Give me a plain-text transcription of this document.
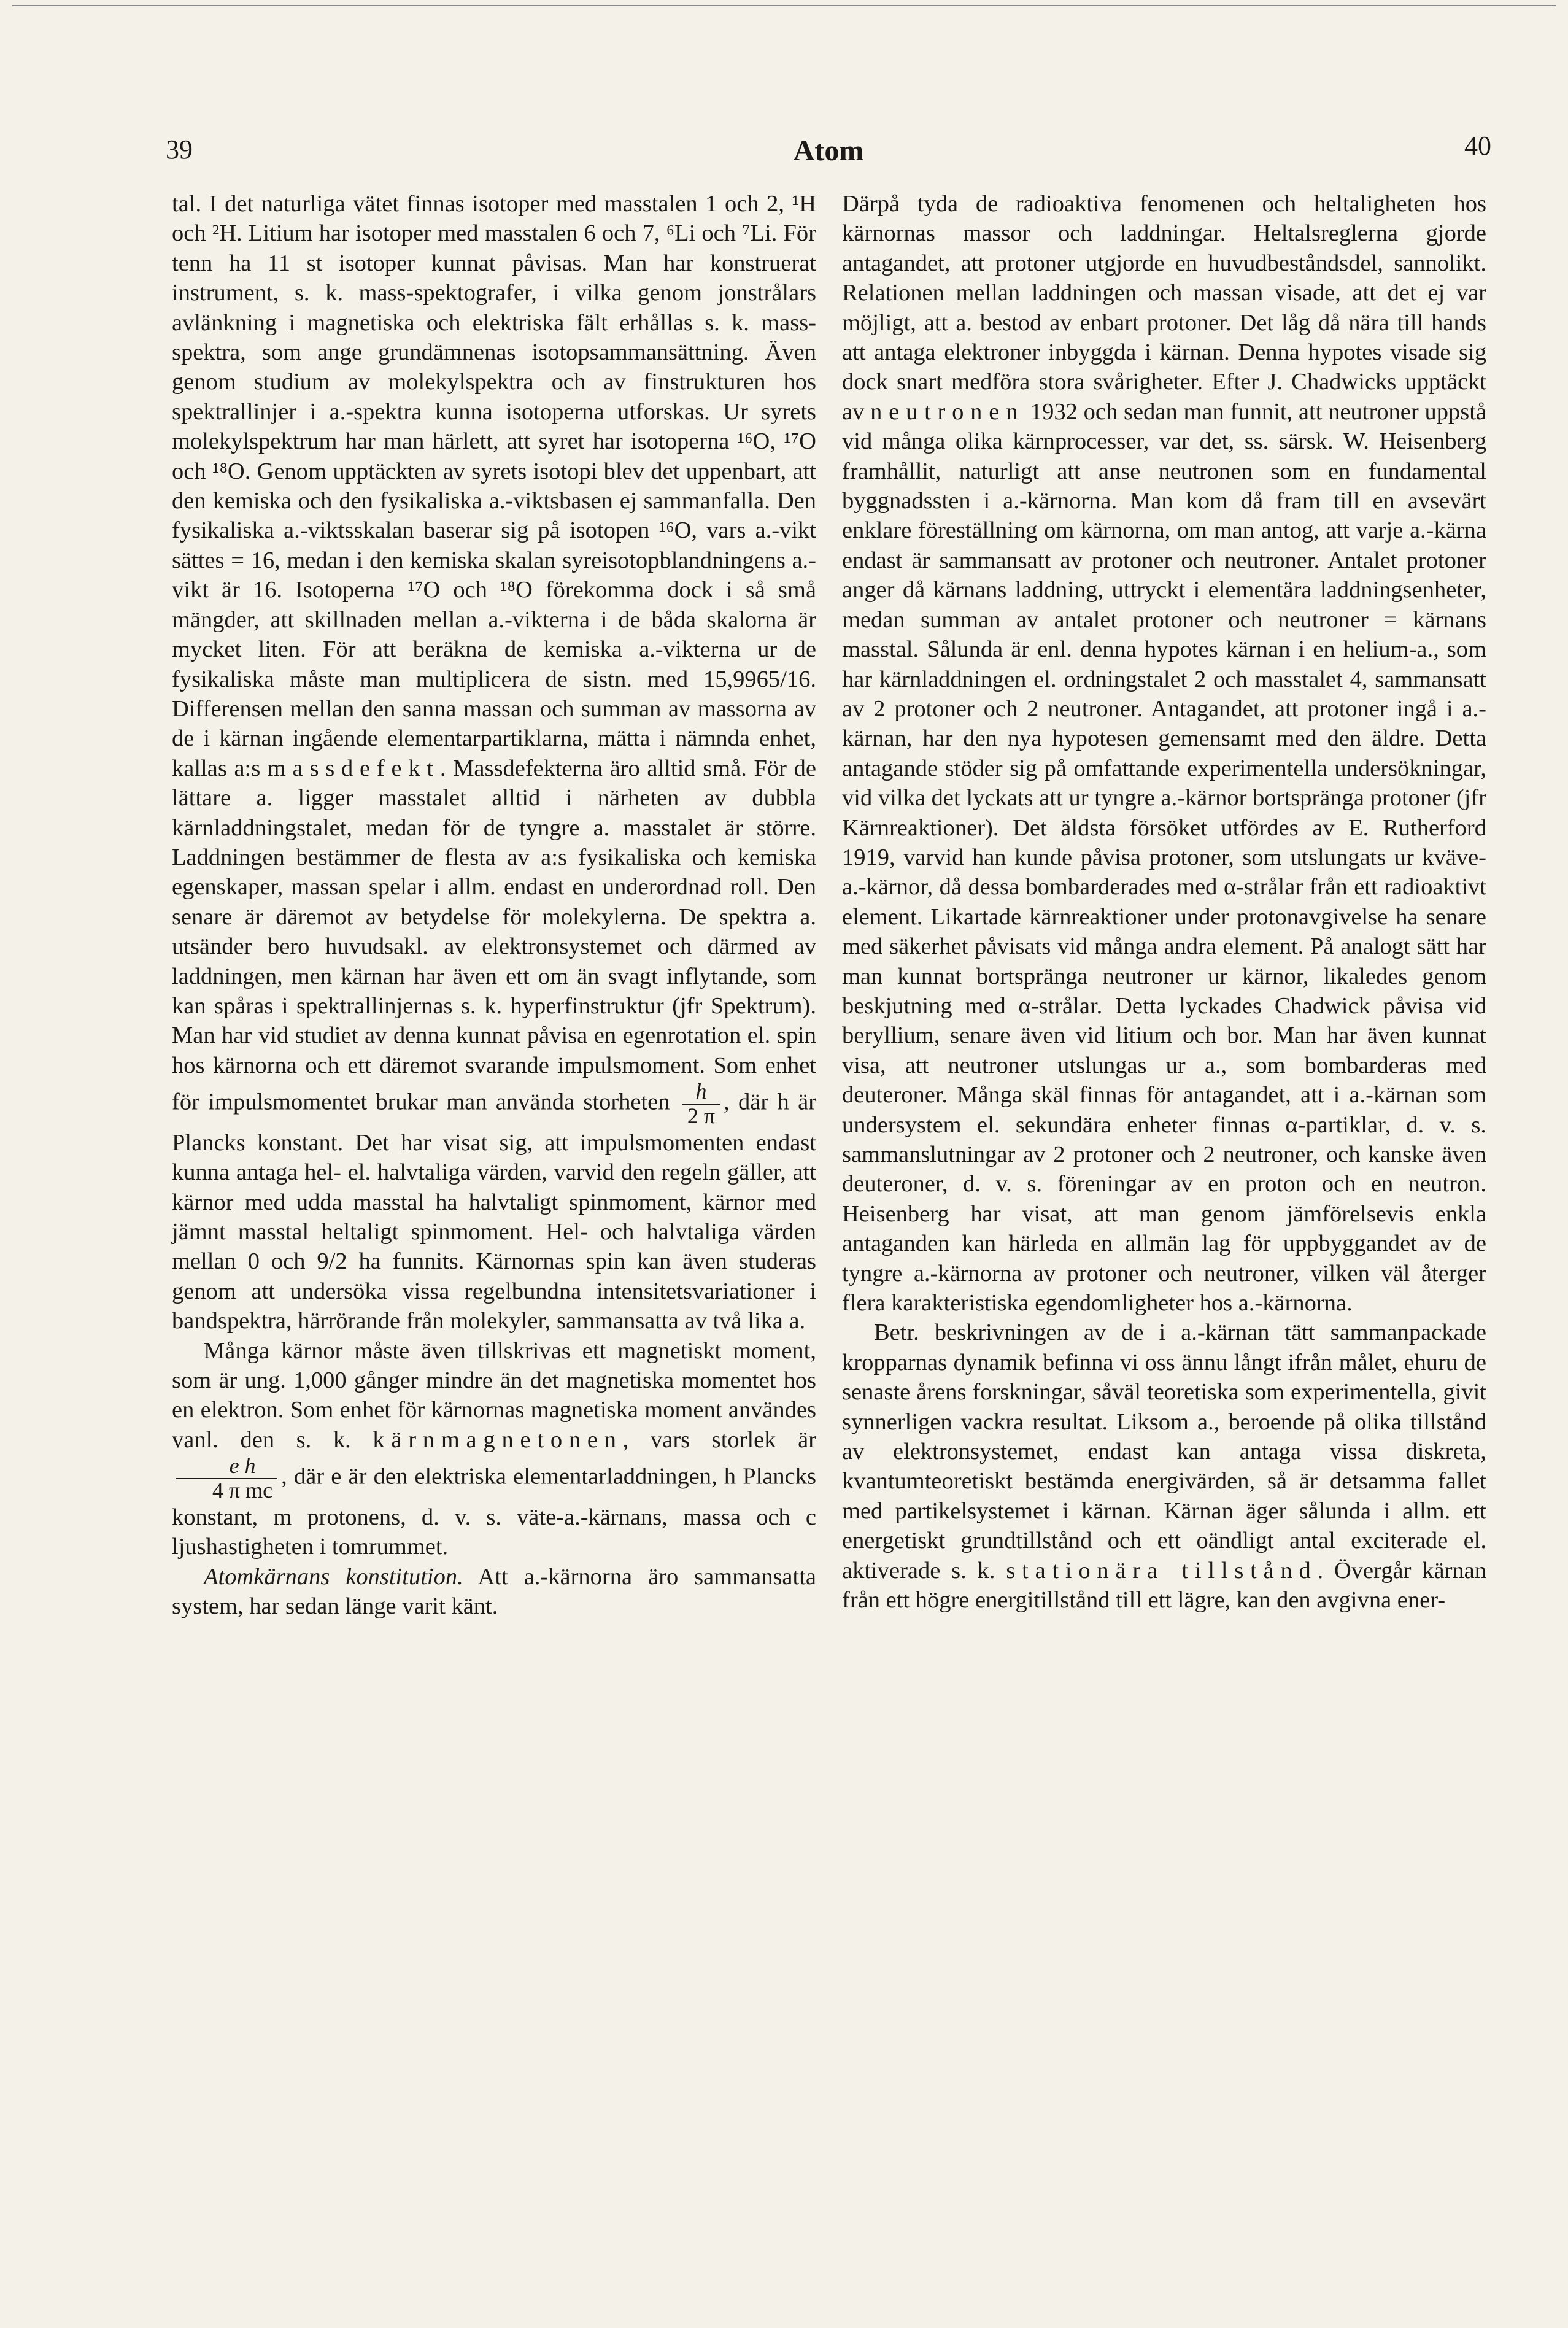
39	Atom	40

tal. I det naturliga vätet finnas isotoper med masstalen 1 och 2, ¹H och ²H. Litium har isotoper med masstalen 6 och 7, ⁶Li och ⁷Li. För tenn ha 11 st isotoper kunnat påvisas. Man har konstruerat instrument, s. k. mass-spektografer, i vilka genom jonstrålars avlänkning i magnetiska och elektriska fält erhållas s. k. mass-spektra, som ange grundämnenas isotopsammansättning. Även genom studium av molekylspektra och av finstrukturen hos spektrallinjer i a.-spektra kunna isotoperna utforskas. Ur syrets molekylspektrum har man härlett, att syret har isotoperna ¹⁶O, ¹⁷O och ¹⁸O. Genom upptäckten av syrets isotopi blev det uppenbart, att den kemiska och den fysikaliska a.-viktsbasen ej sammanfalla. Den fysikaliska a.-viktsskalan baserar sig på isotopen ¹⁶O, vars a.-vikt sättes = 16, medan i den kemiska skalan syreisotopblandningens a.-vikt är 16. Isotoperna ¹⁷O och ¹⁸O förekomma dock i så små mängder, att skillnaden mellan a.-vikterna i de båda skalorna är mycket liten. För att beräkna de kemiska a.-vikterna ur de fysikaliska måste man multiplicera de sistn. med 15,9965/16. Differensen mellan den sanna massan och summan av massorna av de i kärnan ingående elementarpartiklarna, mätta i nämnda enhet, kallas a:s massdefekt. Massdefekterna äro alltid små. För de lättare a. ligger masstalet alltid i närheten av dubbla kärnladdningstalet, medan för de tyngre a. masstalet är större. Laddningen bestämmer de flesta av a:s fysikaliska och kemiska egenskaper, massan spelar i allm. endast en underordnad roll. Den senare är däremot av betydelse för molekylerna. De spektra a. utsänder bero huvudsakl. av elektronsystemet och därmed av laddningen, men kärnan har även ett om än svagt inflytande, som kan spåras i spektrallinjernas s. k. hyperfinstruktur (jfr Spektrum). Man har vid studiet av denna kunnat påvisa en egenrotation el. spin hos kärnorna och ett däremot svarande impulsmoment. Som enhet för impulsmomentet brukar man använda storheten $\frac{h}{2 \pi}$ , där h är Plancks konstant. Det har visat sig, att impulsmomenten endast kunna antaga hel- el. halvtaliga värden, varvid den regeln gäller, att kärnor med udda masstal ha halvtaligt spinmoment, kärnor med jämnt masstal heltaligt spinmoment. Hel- och halvtaliga värden mellan 0 och 9/2 ha funnits. Kärnornas spin kan även studeras genom att undersöka vissa regelbundna intensitetsvariationer i bandspektra, härrörande från molekyler, sammansatta av två lika a.

Många kärnor måste även tillskrivas ett magnetiskt moment, som är ung. 1,000 gånger mindre än det magnetiska momentet hos en elektron. Som enhet för kärnornas magnetiska moment användes vanl. den s. k. kärnmagnetonen, vars storlek är
$\frac{\text{e h}}{\text{4 π mc}}$ , där e är den elektriska elementarladdningen, h Plancks konstant, m protonens, d. v. s. väte-a.-kärnans, massa och c ljushastigheten i tomrummet.

Atomkärnans konstitution. Att a.-kärnorna äro sammansatta system, har sedan länge varit känt.

Därpå tyda de radioaktiva fenomenen och heltaligheten hos kärnornas massor och laddningar. Heltalsreglerna gjorde antagandet, att protoner utgjorde en huvudbeståndsdel, sannolikt. Relationen mellan laddningen och massan visade, att det ej var möjligt, att a. bestod av enbart protoner. Det låg då nära till hands att antaga elektroner inbyggda i kärnan. Denna hypotes visade sig dock snart medföra stora svårigheter. Efter J. Chadwicks upptäckt av neutronen 1932 och sedan man funnit, att neutroner uppstå vid många olika kärnprocesser, var det, ss. särsk. W. Heisenberg framhållit, naturligt att anse neutronen som en fundamental byggnadssten i a.-kärnorna. Man kom då fram till en avsevärt enklare föreställning om kärnorna, om man antog, att varje a.-kärna endast är sammansatt av protoner och neutroner. Antalet protoner anger då kärnans laddning, uttryckt i elementära laddningsenheter, medan summan av antalet protoner och neutroner = kärnans masstal. Sålunda är enl. denna hypotes kärnan i en helium-a., som har kärnladdningen el. ordningstalet 2 och masstalet 4, sammansatt av 2 protoner och 2 neutroner. Antagandet, att protoner ingå i a.-kärnan, har den nya hypotesen gemensamt med den äldre. Detta antagande stöder sig på omfattande experimentella undersökningar, vid vilka det lyckats att ur tyngre a.-kärnor bortspränga protoner (jfr Kärnreaktioner). Det äldsta försöket utfördes av E. Rutherford 1919, varvid han kunde påvisa protoner, som utslungats ur kväve-a.-kärnor, då dessa bombarderades med α-strålar från ett radioaktivt element. Likartade kärnreaktioner under protonavgivelse ha senare med säkerhet påvisats vid många andra element. På analogt sätt har man kunnat bortspränga neutroner ur kärnor, likaledes genom beskjutning med α-strålar. Detta lyckades Chadwick påvisa vid beryllium, senare även vid litium och bor. Man har även kunnat visa, att neutroner utslungas ur a., som bombarderas med deuteroner. Många skäl finnas för antagandet, att i a.-kärnan som undersystem el. sekundära enheter finnas α-partiklar, d. v. s. sammanslutningar av 2 protoner och 2 neutroner, och kanske även deuteroner, d. v. s. föreningar av en proton och en neutron. Heisenberg har visat, att man genom jämförelsevis enkla antaganden kan härleda en allmän lag för uppbyggandet av de tyngre a.-kärnorna av protoner och neutroner, vilken väl återger flera karakteristiska egendomligheter hos a.-kärnorna.

Betr. beskrivningen av de i a.-kärnan tätt sammanpackade kropparnas dynamik befinna vi oss ännu långt ifrån målet, ehuru de senaste årens forskningar, såväl teoretiska som experimentella, givit synnerligen vackra resultat. Liksom a., beroende på olika tillstånd av elektronsystemet, endast kan antaga vissa diskreta, kvantumteoretiskt bestämda energivärden, så är detsamma fallet med partikelsystemet i kärnan. Kärnan äger sålunda i allm. ett energetiskt grundtillstånd och ett oändligt antal exciterade el. aktiverade s. k. stationära tillstånd. Övergår kärnan från ett högre energitillstånd till ett lägre, kan den avgivna ener-
